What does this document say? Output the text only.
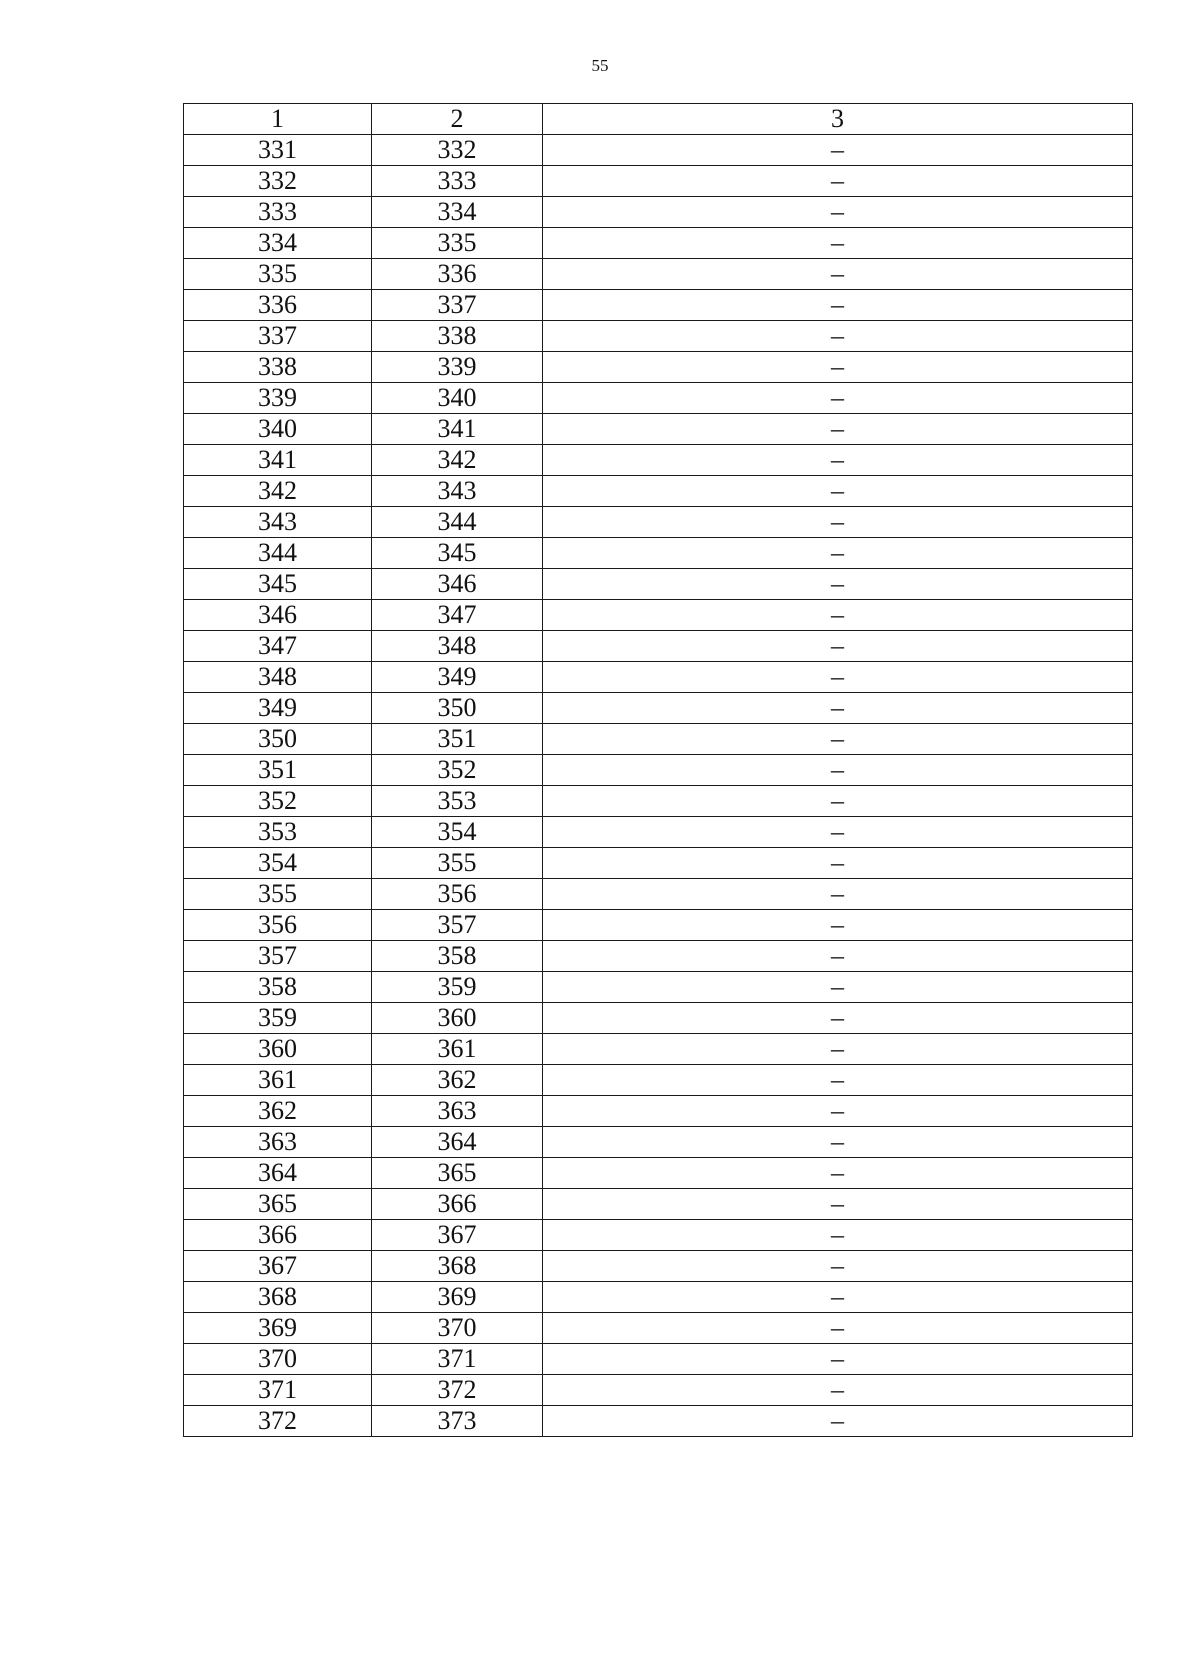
55
1	2	3
331	332	–
332	333	–
333	334	–
334	335	–
335	336	–
336	337	–
337	338	–
338	339	–
339	340	–
340	341	–
341	342	–
342	343	–
343	344	–
344	345	–
345	346	–
346	347	–
347	348	–
348	349	–
349	350	–
350	351	–
351	352	–
352	353	–
353	354	–
354	355	–
355	356	–
356	357	–
357	358	–
358	359	–
359	360	–
360	361	–
361	362	–
362	363	–
363	364	–
364	365	–
365	366	–
366	367	–
367	368	–
368	369	–
369	370	–
370	371	–
371	372	–
372	373	–
